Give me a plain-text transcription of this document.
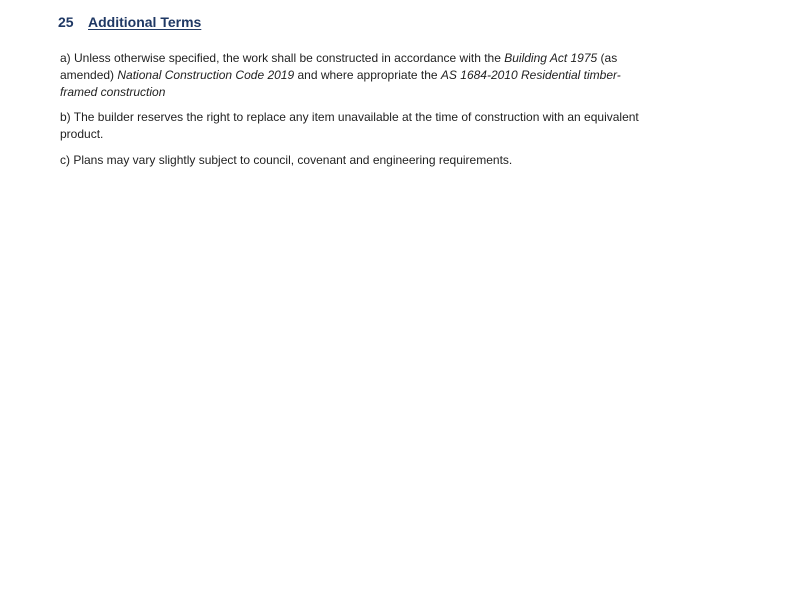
25 Additional Terms

a) Unless otherwise specified, the work shall be constructed in accordance with the Building Act 1975 (as
amended) National Construction Code 2019 and where appropriate the AS 1684-2010 Residential timber-
framed construction

b) The builder reserves the right to replace any item unavailable at the time of construction with an equivalent
product.

c) Plans may vary slightly subject to council, covenant and engineering requirements.
